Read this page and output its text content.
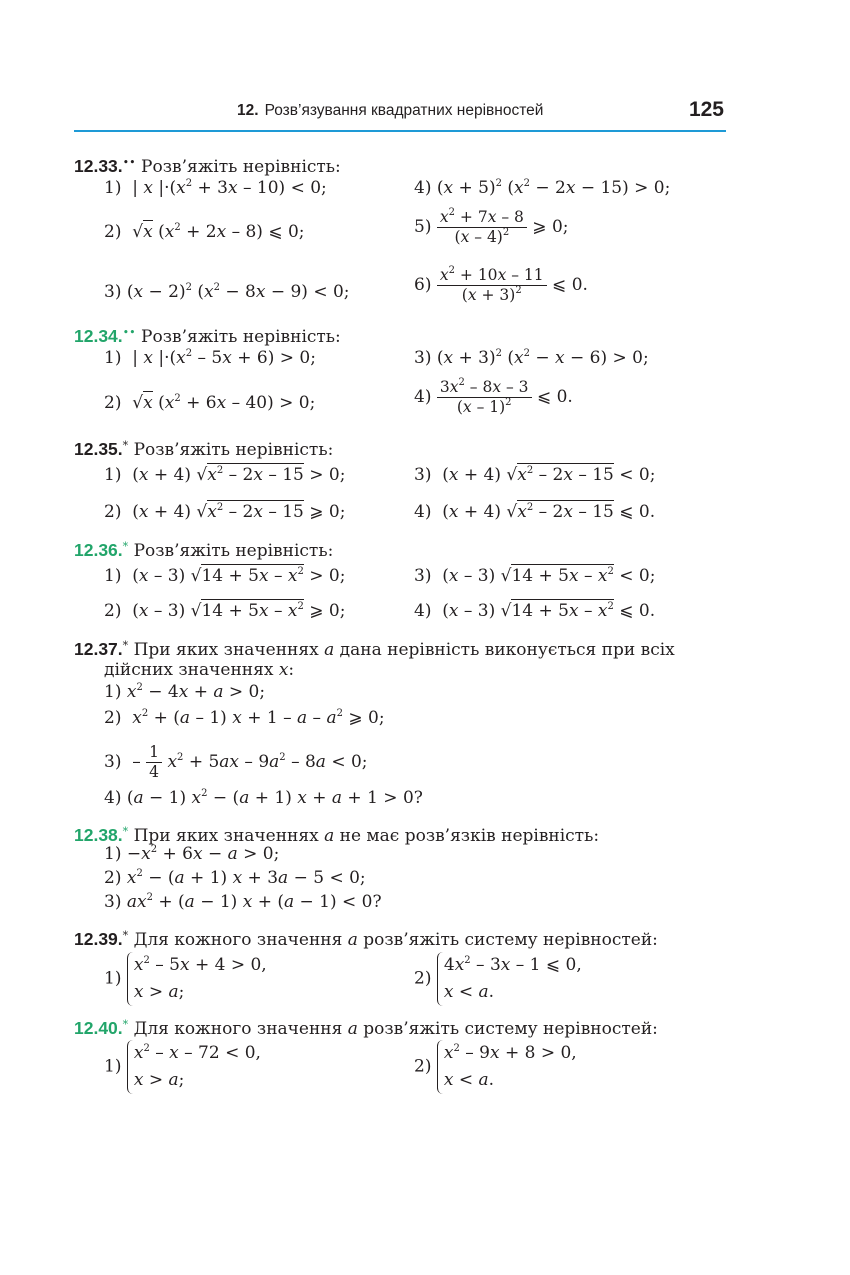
12. Розв’язування квадратних нерівностей	125
12.33.•• Розв’яжіть нерівність:
1)  | x $|\cdot(x^2 + 3x - 10) < 0$;	4) $(x + 5)^2$ $(x^2 - 2x - 15) > 0$;
2)  √x $(x^2 + 2x - 8)$ ⩽ 0;	$5) \frac{x^2 + 7x - 8}{(x - 4)^2}$ ⩾ 0;
3) $(x - 2)^2$ $(x^2 - 8x - 9) < 0$;	$6) \frac{x^2 + 10x - 11}{(x + 3)^2}$ ⩽ 0.
12.34.•• Розв’яжіть нерівність:
1)  | x $|\cdot(x^2 - 5x + 6) > 0$;	3) $(x + 3)^2$ $(x^2 - x - 6) > 0$;
2)  √x $(x^2 + 6x - 40) > 0$;	$4) \frac{3x^2 - 8x - 3}{(x - 1)^2}$ ⩽ 0.
12.35.* Розв’яжіть нерівність:
1)  (x + 4) $√x^2 - 2x - 15 > 0$;	3)  (x + 4) $√x^2 - 2x - 15 < 0$;
2)  (x + 4) $√x^2 - 2x - 15$ ⩾ 0;	4)  (x + 4) $√x^2 - 2x - 15$ ⩽ 0.
12.36.* Розв’яжіть нерівність:
1)  (x – 3) $√14 + 5x - x^2 > 0$;	3)  (x – 3) $√14 + 5x - x^2 < 0$;
2)  (x – 3) $√14 + 5x - x^2$ ⩾ 0;	4)  (x – 3) $√14 + 5x - x^2$ ⩽ 0.
12.37.* При яких значеннях a дана нерівність виконується при всіх
дійсних значеннях x:
1) $x^2 - 4x + a > 0$;
2)  $x^2 + (a - 1) x + 1 - a - a^2$ ⩾ 0;
$3) - \frac{1}{4} x^2 + 5ax - 9a^2 - 8a < 0$;
4) (a − 1) $x^2 - (a + 1) x + a + 1 > 0$?
12.38.* При яких значеннях a не має розв’язків нерівність:
$1) -x^2 + 6x - a > 0$;
2) $x^2 - (a + 1) x + 3a - 5 < 0$;
3) $ax^2 + (a - 1) x + (a - 1) < 0$?
12.39.* Для кожного значення a розв’яжіть систему нерівностей:
1) $x^2 - 5x + 4 > 0$,
x > a;
2) $4x^2 - 3x - 1$ ⩽ 0,
x < a.
12.40.* Для кожного значення a розв’яжіть систему нерівностей:
1) $x^2 - x - 72 < 0$,
x > a;
2) $x^2 - 9x + 8 > 0$,
x < a.
